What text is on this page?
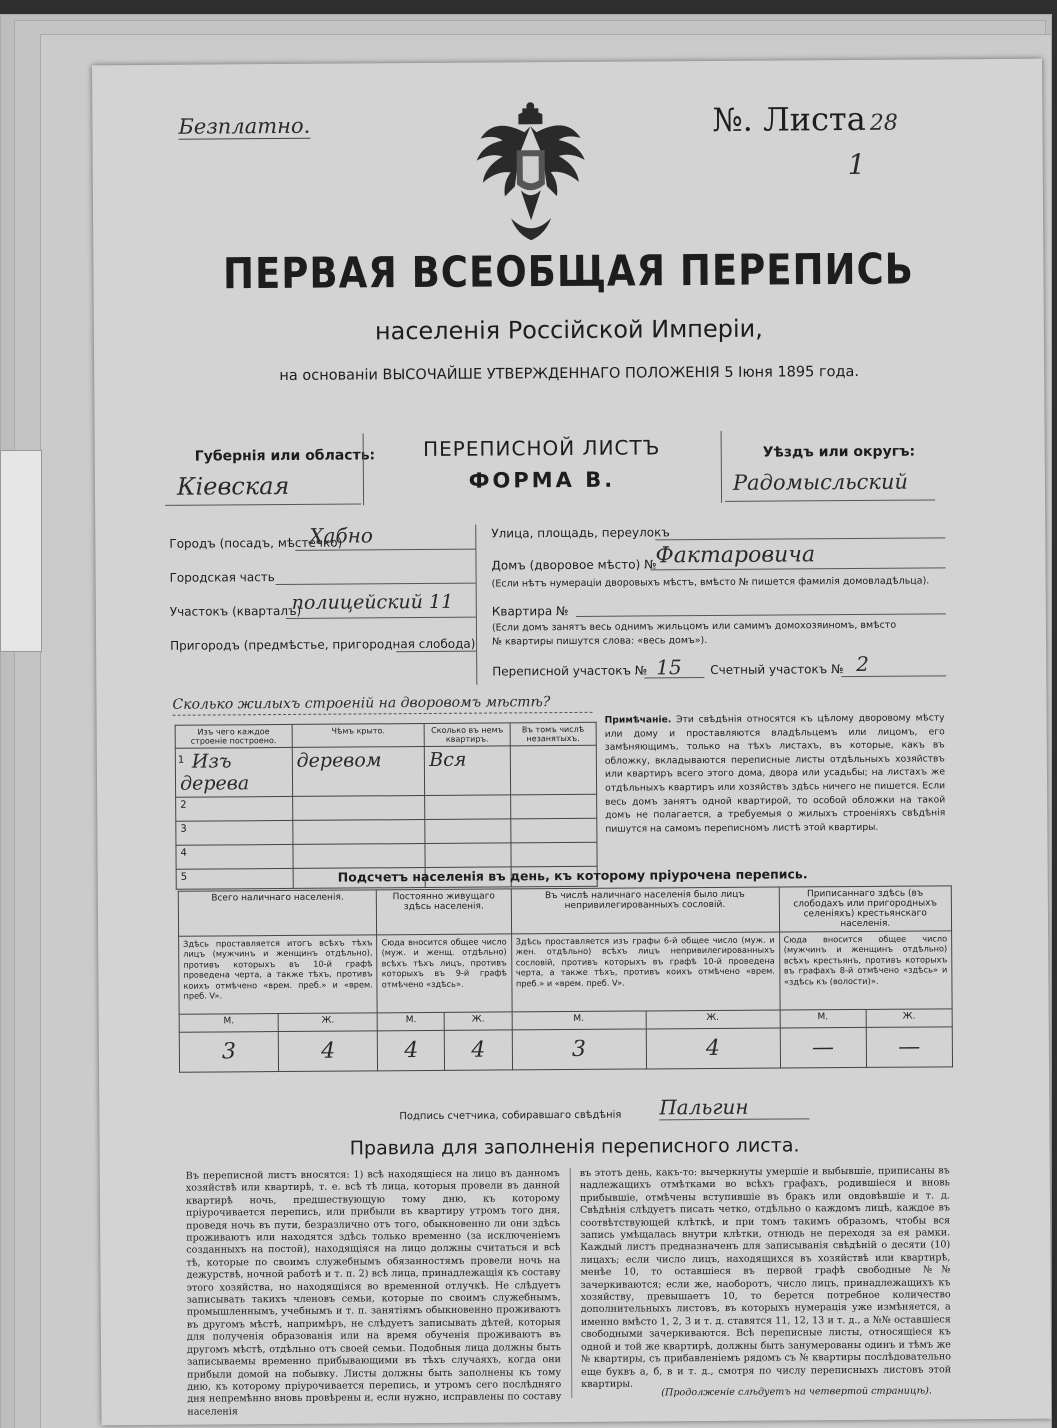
Безплатно.	№. Листа 28
1
ПЕРВАЯ ВСЕОБЩАЯ ПЕРЕПИСЬ
населенія Россійской Имперіи,
на основаніи ВЫСОЧАЙШЕ УТВЕРЖДЕННАГО ПОЛОЖЕНІЯ 5 Іюня 1895 года.
Губернія или область:
Кіевская
ПЕРЕПИСНОЙ ЛИСТЪ
ФОРМА В.
Уѣздъ или округъ:
Радомысльский
Городъ (посадъ, мѣстечко)
Хабно
Городская часть
Участокъ (кварталъ)
полицейский 11
Пригородъ (предмѣстье, пригородная слобода)
Улица, площадь, переулокъ
Домъ (дворовое мѣсто) №
Фактаровича
(Если нѣтъ нумераціи дворовыхъ мѣстъ, вмѣсто № пишется фамилія домовладѣльца).
Квартира №
(Если домъ занятъ весь однимъ жильцомъ или самимъ домохозяиномъ, вмѣсто
№ квартиры пишутся слова: «весь домъ»).
Переписной участокъ № 15 Счетный участокъ № 2
Сколько жилыхъ строеній на дворовомъ мѣстѣ?
Изъ чего каждое строеніе построено.	Чѣмъ крыто.	Сколько въ немъ квартиръ.	Въ томъ числѣ незанятыхъ.

1 Изъ дерева	деревом	Вся	
2			
3			
4			
5			
Примѣчаніе. Эти свѣдѣнія относятся къ цѣлому дворовому мѣсту или дому и проставляются владѣльцемъ или лицомъ, его замѣняющимъ, только на тѣхъ листахъ, въ которые, какъ въ обложку, вкладываются переписные листы отдѣльныхъ хозяйствъ или квартиръ всего этого дома, двора или усадьбы; на листахъ же отдѣльныхъ квартиръ или хозяйствъ здѣсь ничего не пишется. Если весь домъ занятъ одной квартирой, то особой обложки на такой домъ не полагается, а требуемыя о жилыхъ строеніяхъ свѣдѣнія пишутся на самомъ переписномъ листѣ этой квартиры.
Подсчетъ населенія въ день, къ которому пріурочена перепись.
Всего наличнаго населенія.		Постоянно живущаго здѣсь населенія.		Въ числѣ наличнаго населенія было лицъ непривилегированныхъ сословій.		Приписаннаго здѣсь (въ слободахъ или пригородныхъ селеніяхъ) крестьянскаго населенія.	
Здѣсь проставляется итогъ всѣхъ тѣхъ лицъ (мужчинъ и женщинъ отдѣльно), противъ которыхъ въ 10-й графѣ проведена черта, а также тѣхъ, противъ коихъ отмѣчено «врем. преб.» и «врем. преб. V».		Сюда вносится общее число (муж. и женщ. отдѣльно) всѣхъ тѣхъ лицъ, противъ которыхъ въ 9-й графѣ отмѣчено «здѣсь».		Здѣсь проставляется изъ графы 6-й общее число (муж. и жен. отдѣльно) всѣхъ лицъ непривилегированныхъ сословій, противъ которыхъ въ графѣ 10-й проведена черта, а также тѣхъ, противъ коихъ отмѣчено «врем. преб.» и «врем. преб. V».		Сюда вносится общее число (мужчинъ и женщинъ отдѣльно) всѣхъ крестьянъ, противъ которыхъ въ графахъ 8-й отмѣчено «здѣсь» и «здѣсь къ (волости)».	
М.	Ж.	М.	Ж.	М.	Ж.	М.	Ж.
3	4	4	4	3	4	—	—
Подпись счетчика, собиравшаго свѣдѣнія Пальгин
Правила для заполненія переписного листа.
Въ переписной листъ вносятся: 1) всѣ находящіеся на лицо въ данномъ хозяйствѣ или квартирѣ, т. е. всѣ тѣ лица, которыя провели въ данной квартирѣ ночь, предшествующую тому дню, къ которому пріурочивается перепись, или прибыли въ квартиру утромъ того дня, проведя ночь въ пути, безразлично отъ того, обыкновенно ли они здѣсь проживаютъ или находятся здѣсь только временно (за исключеніемъ созданныхъ на постой), находящіяся на лицо должны считаться и всѣ тѣ, которые по своимъ служебнымъ обязанностямъ провели ночь на дежурствѣ, ночной работѣ и т. п. 2) всѣ лица, принадлежащія къ составу этого хозяйства, но находящіяся во временной отлучкѣ. Не слѣдуетъ записывать такихъ членовъ семьи, которые по своимъ служебнымъ, промышленнымъ, учебнымъ и т. п. занятіямъ обыкновенно проживаютъ въ другомъ мѣстѣ, напримѣръ, не слѣдуетъ записывать дѣтей, которыя для полученія образованія или на время обученія проживаютъ въ другомъ мѣстѣ, отдѣльно отъ своей семьи. Подобныя лица должны быть записываемы временно прибывающими въ тѣхъ случаяхъ, когда они прибыли домой на побывку. Листы должны быть заполнены къ тому дню, къ которому пріурочивается перепись, и утромъ сего послѣдняго дня непремѣнно вновь провѣрены и, если нужно, исправлены по составу населенія
въ этотъ день, какъ-то: вычеркнуты умершіе и выбывшіе, приписаны въ надлежащихъ отмѣтками во всѣхъ графахъ, родившіеся и вновь прибывшіе, отмѣчены вступившіе въ бракъ или овдовѣвшіе и т. д. Свѣдѣнія слѣдуетъ писать четко, отдѣльно о каждомъ лицѣ, каждое въ соотвѣтствующей клѣткѣ, и при томъ такимъ образомъ, чтобы вся запись умѣщалась внутри клѣтки, отнюдь не переходя за ея рамки. Каждый листъ предназначенъ для записыванія свѣдѣній о десяти (10) лицахъ; если число лицъ, находящихся въ хозяйствѣ или квартирѣ, менѣе 10, то оставшіеся въ первой графѣ свободные №№ зачеркиваются; если же, наоборотъ, число лицъ, принадлежащихъ къ хозяйству, превышаетъ 10, то берется потребное количество дополнительныхъ листовъ, въ которыхъ нумерація уже измѣняется, а именно вмѣсто 1, 2, 3 и т. д. ставятся 11, 12, 13 и т. д., а №№ оставшіеся свободными зачеркиваются. Всѣ переписные листы, относящіеся къ одной и той же квартирѣ, должны быть занумерованы одинъ и тѣмъ же № квартиры, съ прибавленіемъ рядомъ съ № квартиры послѣдовательно еще буквъ а, б, в и т. д., смотря по числу переписныхъ листовъ этой квартиры.
(Продолженіе слѣдуетъ на четвертой страницѣ).
